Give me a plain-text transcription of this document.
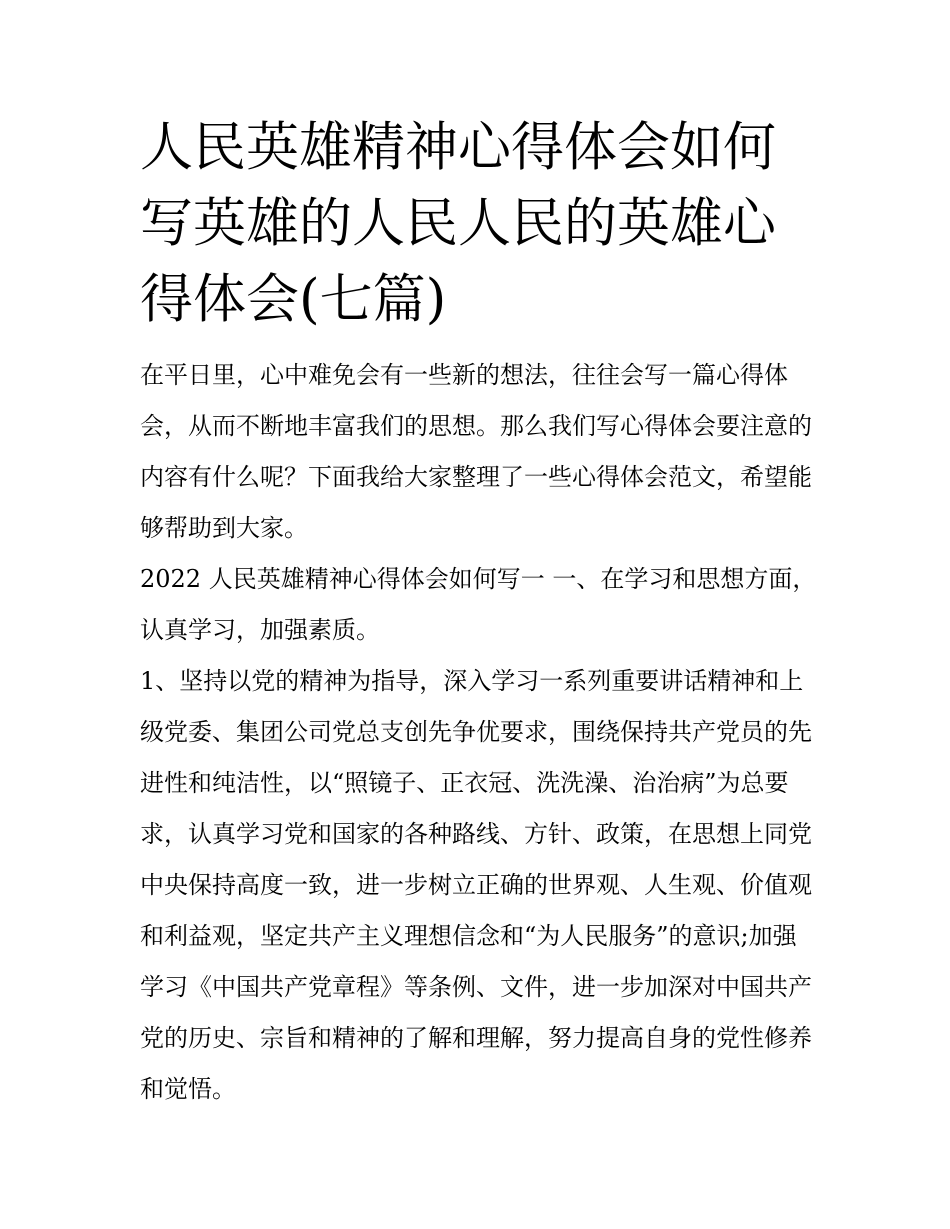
人民英雄精神心得体会如何写英雄的人民人民的英雄心得体会(七篇)

在平日里，心中难免会有一些新的想法，往往会写一篇心得体会，从而不断地丰富我们的思想。那么我们写心得体会要注意的内容有什么呢？下面我给大家整理了一些心得体会范文，希望能够帮助到大家。

2022 人民英雄精神心得体会如何写一 一、在学习和思想方面，认真学习，加强素质。

1、坚持以党的精神为指导，深入学习一系列重要讲话精神和上级党委、集团公司党总支创先争优要求，围绕保持共产党员的先进性和纯洁性，以“照镜子、正衣冠、洗洗澡、治治病”为总要求，认真学习党和国家的各种路线、方针、政策，在思想上同党中央保持高度一致，进一步树立正确的世界观、人生观、价值观和利益观，坚定共产主义理想信念和“为人民服务”的意识;加强学习《中国共产党章程》等条例、文件，进一步加深对中国共产党的历史、宗旨和精神的了解和理解，努力提高自身的党性修养和觉悟。
